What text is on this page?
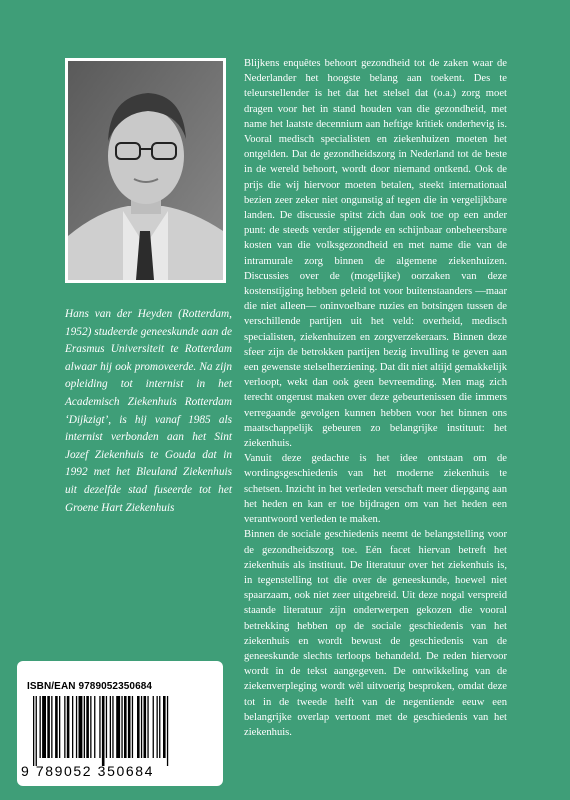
Hans van der Heyden (Rotterdam, 1952) studeerde geneeskunde aan de Erasmus Universiteit te Rotterdam alwaar hij ook promoveerde. Na zijn opleiding tot internist in het Academisch Ziekenhuis Rotterdam ‘Dijkzigt’, is hij vanaf 1985 als internist verbonden aan het Sint Jozef Ziekenhuis te Gouda dat in 1992 met het Bleuland Ziekenhuis uit dezelfde stad fuseerde tot het Groene Hart Ziekenhuis

Blijkens enquêtes behoort gezondheid tot de zaken waar de Nederlander het hoogste belang aan toekent. Des te teleurstellender is het dat het stelsel dat (o.a.) zorg moet dragen voor het in stand houden van die gezondheid, met name het laatste decennium aan heftige kritiek onderhevig is. Vooral medisch specialisten en ziekenhuizen moeten het ontgelden. Dat de gezondheidszorg in Nederland tot de beste in de wereld behoort, wordt door niemand ontkend. Ook de prijs die wij hiervoor moeten betalen, steekt internationaal bezien zeer zeker niet ongunstig af tegen die in vergelijkbare landen. De discussie spitst zich dan ook toe op een ander punt: de steeds verder stijgende en schijnbaar onbeheersbare kosten van die volksgezondheid en met name die van de intramurale zorg binnen de algemene ziekenhuizen. Discussies over de (mogelijke) oorzaken van deze kostenstijging hebben geleid tot voor buitenstaanders —maar die niet alleen— oninvoelbare ruzies en botsingen tussen de verschillende partijen uit het veld: overheid, medisch specialisten, ziekenhuizen en zorgverzekeraars. Binnen deze sfeer zijn de betrokken partijen bezig invulling te geven aan een gewenste stelselherziening. Dat dit niet altijd gemakkelijk verloopt, wekt dan ook geen bevreemding. Men mag zich terecht ongerust maken over deze gebeurtenissen die immers verregaande gevolgen kunnen hebben voor het binnen ons maatschappelijk gebeuren zo belangrijke instituut: het ziekenhuis.

Vanuit deze gedachte is het idee ontstaan om de wordingsgeschiedenis van het moderne ziekenhuis te schetsen. Inzicht in het verleden verschaft meer diepgang aan het heden en kan er toe bijdragen om van het heden een verantwoord verleden te maken.

Binnen de sociale geschiedenis neemt de belangstelling voor de gezondheidszorg toe. Eén facet hiervan betreft het ziekenhuis als instituut. De literatuur over het ziekenhuis is, in tegenstelling tot die over de geneeskunde, hoewel niet spaarzaam, ook niet zeer uitgebreid. Uit deze nogal verspreid staande literatuur zijn onderwerpen gekozen die vooral betrekking hebben op de sociale geschiedenis van het ziekenhuis en wordt bewust de geschiedenis van de geneeskunde slechts terloops behandeld. De reden hiervoor wordt in de tekst aangegeven. De ontwikkeling van de ziekenverpleging wordt wèl uitvoerig besproken, omdat deze tot in de tweede helft van de negentiende eeuw een belangrijke overlap vertoont met de geschiedenis van het ziekenhuis.

ISBN/EAN 9789052350684
9 789052 350684
